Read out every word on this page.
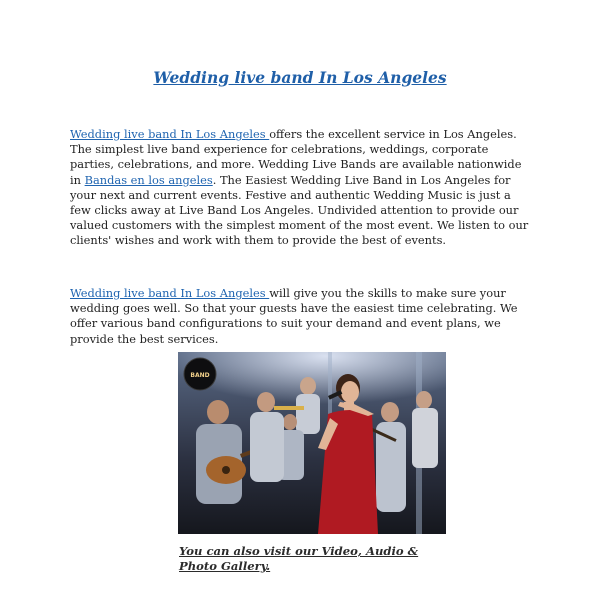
Wedding live band In Los Angeles
Wedding live band In Los Angeles offers the excellent service in Los Angeles. The simplest live band experience for celebrations, weddings, corporate parties, celebrations, and more. Wedding Live Bands are available nationwide in Bandas en los angeles. The Easiest Wedding Live Band in Los Angeles for your next and current events. Festive and authentic Wedding Music is just a few clicks away at Live Band Los Angeles. Undivided attention to provide our valued customers with the simplest moment of the most event. We listen to our clients' wishes and work with them to provide the best of events.
Wedding live band In Los Angeles will give you the skills to make sure your wedding goes well. So that your guests have the easiest time celebrating. We offer various band configurations to suit your demand and event plans, we provide the best services.
BAND
You can also visit our Video, Audio & Photo Gallery.
